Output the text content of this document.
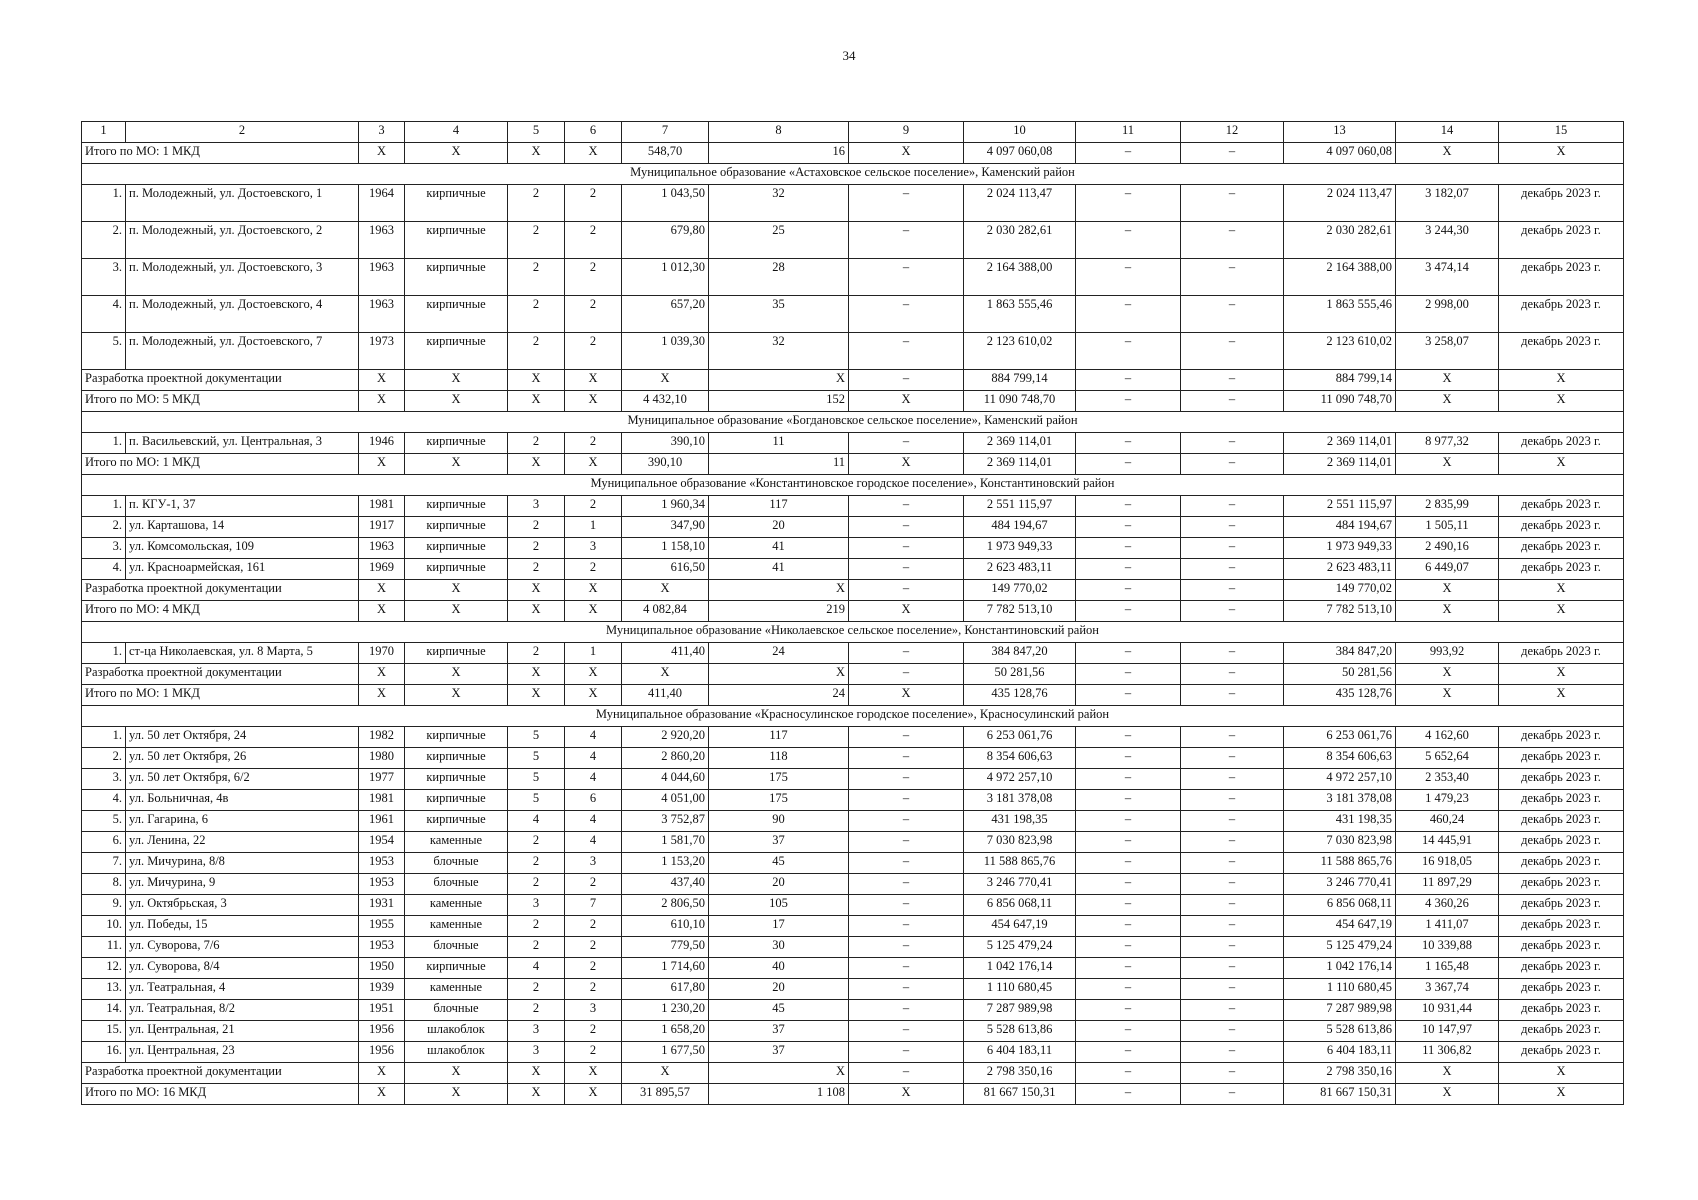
34
1	2	3	4	5	6	7	8	9	10	11	12	13	14	15
Итого по МО: 1 МКД		X	X	X	X	548,70	16	X	4 097 060,08	–	–	4 097 060,08	X	X
Муниципальное образование «Астаховское сельское поселение», Каменский район														
1.	п. Молодежный, ул. Достоевского, 1	1964	кирпичные	2	2	1 043,50	32	–	2 024 113,47	–	–	2 024 113,47	3 182,07	декабрь 2023 г.
2.	п. Молодежный, ул. Достоевского, 2	1963	кирпичные	2	2	679,80	25	–	2 030 282,61	–	–	2 030 282,61	3 244,30	декабрь 2023 г.
3.	п. Молодежный, ул. Достоевского, 3	1963	кирпичные	2	2	1 012,30	28	–	2 164 388,00	–	–	2 164 388,00	3 474,14	декабрь 2023 г.
4.	п. Молодежный, ул. Достоевского, 4	1963	кирпичные	2	2	657,20	35	–	1 863 555,46	–	–	1 863 555,46	2 998,00	декабрь 2023 г.
5.	п. Молодежный, ул. Достоевского, 7	1973	кирпичные	2	2	1 039,30	32	–	2 123 610,02	–	–	2 123 610,02	3 258,07	декабрь 2023 г.
Разработка проектной документации		X	X	X	X	X	X	–	884 799,14	–	–	884 799,14	X	X
Итого по МО: 5 МКД		X	X	X	X	4 432,10	152	X	11 090 748,70	–	–	11 090 748,70	X	X
Муниципальное образование «Богдановское сельское поселение», Каменский район														
1.	п. Васильевский, ул. Центральная, 3	1946	кирпичные	2	2	390,10	11	–	2 369 114,01	–	–	2 369 114,01	8 977,32	декабрь 2023 г.
Итого по МО: 1 МКД		X	X	X	X	390,10	11	X	2 369 114,01	–	–	2 369 114,01	X	X
Муниципальное образование «Константиновское городское поселение», Константиновский район														
1.	п. КГУ-1, 37	1981	кирпичные	3	2	1 960,34	117	–	2 551 115,97	–	–	2 551 115,97	2 835,99	декабрь 2023 г.
2.	ул. Карташова, 14	1917	кирпичные	2	1	347,90	20	–	484 194,67	–	–	484 194,67	1 505,11	декабрь 2023 г.
3.	ул. Комсомольская, 109	1963	кирпичные	2	3	1 158,10	41	–	1 973 949,33	–	–	1 973 949,33	2 490,16	декабрь 2023 г.
4.	ул. Красноармейская, 161	1969	кирпичные	2	2	616,50	41	–	2 623 483,11	–	–	2 623 483,11	6 449,07	декабрь 2023 г.
Разработка проектной документации		X	X	X	X	X	X	–	149 770,02	–	–	149 770,02	X	X
Итого по МО: 4 МКД		X	X	X	X	4 082,84	219	X	7 782 513,10	–	–	7 782 513,10	X	X
Муниципальное образование «Николаевское сельское поселение», Константиновский район														
1.	ст-ца Николаевская, ул. 8 Марта, 5	1970	кирпичные	2	1	411,40	24	–	384 847,20	–	–	384 847,20	993,92	декабрь 2023 г.
Разработка проектной документации		X	X	X	X	X	X	–	50 281,56	–	–	50 281,56	X	X
Итого по МО: 1 МКД		X	X	X	X	411,40	24	X	435 128,76	–	–	435 128,76	X	X
Муниципальное образование «Красносулинское городское поселение», Красносулинский район														
1.	ул. 50 лет Октября, 24	1982	кирпичные	5	4	2 920,20	117	–	6 253 061,76	–	–	6 253 061,76	4 162,60	декабрь 2023 г.
2.	ул. 50 лет Октября, 26	1980	кирпичные	5	4	2 860,20	118	–	8 354 606,63	–	–	8 354 606,63	5 652,64	декабрь 2023 г.
3.	ул. 50 лет Октября, 6/2	1977	кирпичные	5	4	4 044,60	175	–	4 972 257,10	–	–	4 972 257,10	2 353,40	декабрь 2023 г.
4.	ул. Больничная, 4в	1981	кирпичные	5	6	4 051,00	175	–	3 181 378,08	–	–	3 181 378,08	1 479,23	декабрь 2023 г.
5.	ул. Гагарина, 6	1961	кирпичные	4	4	3 752,87	90	–	431 198,35	–	–	431 198,35	460,24	декабрь 2023 г.
6.	ул. Ленина, 22	1954	каменные	2	4	1 581,70	37	–	7 030 823,98	–	–	7 030 823,98	14 445,91	декабрь 2023 г.
7.	ул. Мичурина, 8/8	1953	блочные	2	3	1 153,20	45	–	11 588 865,76	–	–	11 588 865,76	16 918,05	декабрь 2023 г.
8.	ул. Мичурина, 9	1953	блочные	2	2	437,40	20	–	3 246 770,41	–	–	3 246 770,41	11 897,29	декабрь 2023 г.
9.	ул. Октябрьская, 3	1931	каменные	3	7	2 806,50	105	–	6 856 068,11	–	–	6 856 068,11	4 360,26	декабрь 2023 г.
10.	ул. Победы, 15	1955	каменные	2	2	610,10	17	–	454 647,19	–	–	454 647,19	1 411,07	декабрь 2023 г.
11.	ул. Суворова, 7/6	1953	блочные	2	2	779,50	30	–	5 125 479,24	–	–	5 125 479,24	10 339,88	декабрь 2023 г.
12.	ул. Суворова, 8/4	1950	кирпичные	4	2	1 714,60	40	–	1 042 176,14	–	–	1 042 176,14	1 165,48	декабрь 2023 г.
13.	ул. Театральная, 4	1939	каменные	2	2	617,80	20	–	1 110 680,45	–	–	1 110 680,45	3 367,74	декабрь 2023 г.
14.	ул. Театральная, 8/2	1951	блочные	2	3	1 230,20	45	–	7 287 989,98	–	–	7 287 989,98	10 931,44	декабрь 2023 г.
15.	ул. Центральная, 21	1956	шлакоблок	3	2	1 658,20	37	–	5 528 613,86	–	–	5 528 613,86	10 147,97	декабрь 2023 г.
16.	ул. Центральная, 23	1956	шлакоблок	3	2	1 677,50	37	–	6 404 183,11	–	–	6 404 183,11	11 306,82	декабрь 2023 г.
Разработка проектной документации		X	X	X	X	X	X	–	2 798 350,16	–	–	2 798 350,16	X	X
Итого по МО: 16 МКД		X	X	X	X	31 895,57	1 108	X	81 667 150,31	–	–	81 667 150,31	X	X
